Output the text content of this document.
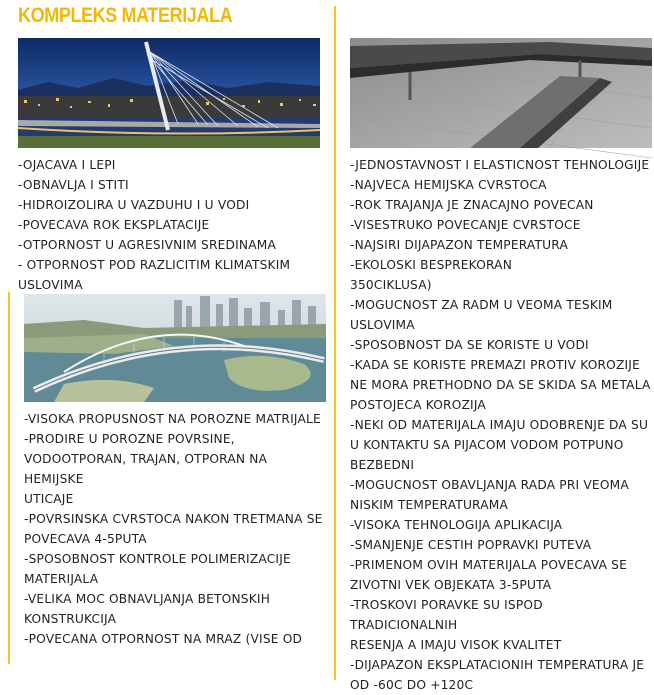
KOMPLEKS MATERIJALA
-OJACAVA I LEPI
-OBNAVLJA I STITI
-HIDROIZOLIRA U VAZDUHU I U VODI
-POVECAVA ROK EKSPLATACIJE
-OTPORNOST U AGRESIVNIM SREDINAMA
- OTPORNOST POD RAZLICITIM KLIMATSKIM
USLOVIMA
-VISOKA PROPUSNOST NA POROZNE MATRIJALE
-PRODIRE U POROZNE POVRSINE,
VODOOTPORAN, TRAJAN, OTPORAN NA HEMIJSKE
UTICAJE
-POVRSINSKA CVRSTOCA NAKON TRETMANA SE
POVECAVA 4-5PUTA
-SPOSOBNOST KONTROLE POLIMERIZACIJE
MATERIJALA
-VELIKA MOC OBNAVLJANJA BETONSKIH
KONSTRUKCIJA
-POVECANA OTPORNOST NA MRAZ (VISE OD
-JEDNOSTAVNOST I ELASTICNOST TEHNOLOGIJE
-NAJVECA HEMIJSKA CVRSTOCA
-ROK TRAJANJA JE ZNACAJNO POVECAN
-VISESTRUKO POVECANJE CVRSTOCE
-NAJSIRI DIJAPAZON TEMPERATURA
-EKOLOSKI BESPREKORAN
350CIKLUSA)
-MOGUCNOST ZA RADM U VEOMA TESKIM
USLOVIMA
-SPOSOBNOST DA SE KORISTE U VODI
-KADA SE KORISTE PREMAZI PROTIV KOROZIJE
NE MORA PRETHODNO DA SE SKIDA SA METALA
POSTOJECA KOROZIJA
-NEKI OD MATERIJALA IMAJU ODOBRENJE DA SU
U KONTAKTU SA PIJACOM VODOM POTPUNO
BEZBEDNI
-MOGUCNOST OBAVLJANJA RADA PRI VEOMA
NISKIM TEMPERATURAMA
-VISOKA TEHNOLOGIJA APLIKACIJA
-SMANJENJE CESTIH POPRAVKI PUTEVA
-PRIMENOM OVIH MATERIJALA POVECAVA SE
ZIVOTNI VEK OBJEKATA 3-5PUTA
-TROSKOVI PORAVKE SU ISPOD TRADICIONALNIH
RESENJA A IMAJU VISOK KVALITET
-DIJAPAZON EKSPLATACIONIH TEMPERATURA JE
OD -60C DO +120C
